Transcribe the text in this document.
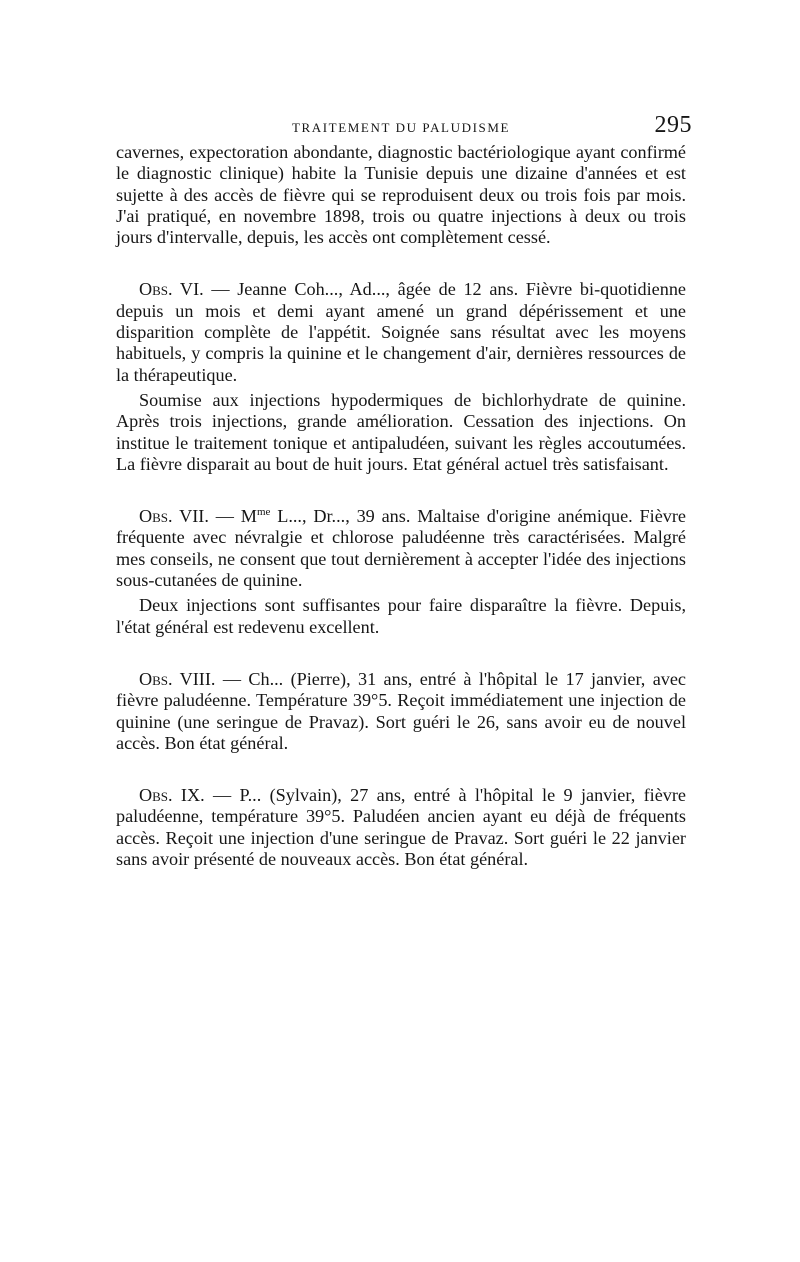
TRAITEMENT DU PALUDISME	295

cavernes, expectoration abondante, diagnostic bactériologique ayant confirmé le diagnostic clinique) habite la Tunisie depuis une dizaine d'années et est sujette à des accès de fièvre qui se reproduisent deux ou trois fois par mois. J'ai pratiqué, en novembre 1898, trois ou quatre injections à deux ou trois jours d'intervalle, depuis, les accès ont complètement cessé.

Obs. VI. — Jeanne Coh..., Ad..., âgée de 12 ans. Fièvre bi-quotidienne depuis un mois et demi ayant amené un grand dépérissement et une disparition complète de l'appétit. Soignée sans résultat avec les moyens habituels, y compris la quinine et le changement d'air, dernières ressources de la thérapeutique.

Soumise aux injections hypodermiques de bichlorhydrate de quinine. Après trois injections, grande amélioration. Cessation des injections. On institue le traitement tonique et antipaludéen, suivant les règles accoutumées. La fièvre disparait au bout de huit jours. Etat général actuel très satisfaisant.

Obs. VII. — $M^{me}$ L..., Dr..., 39 ans. Maltaise d'origine anémique. Fièvre fréquente avec névralgie et chlorose paludéenne très caractérisées. Malgré mes conseils, ne consent que tout dernièrement à accepter l'idée des injections sous-cutanées de quinine.

Deux injections sont suffisantes pour faire disparaître la fièvre. Depuis, l'état général est redevenu excellent.

Obs. VIII. — Ch... (Pierre), 31 ans, entré à l'hôpital le 17 janvier, avec fièvre paludéenne. Température 39°5. Reçoit immédiatement une injection de quinine (une seringue de Pravaz). Sort guéri le 26, sans avoir eu de nouvel accès. Bon état général.

Obs. IX. — P... (Sylvain), 27 ans, entré à l'hôpital le 9 janvier, fièvre paludéenne, température 39°5. Paludéen ancien ayant eu déjà de fréquents accès. Reçoit une injection d'une seringue de Pravaz. Sort guéri le 22 janvier sans avoir présenté de nouveaux accès. Bon état général.
